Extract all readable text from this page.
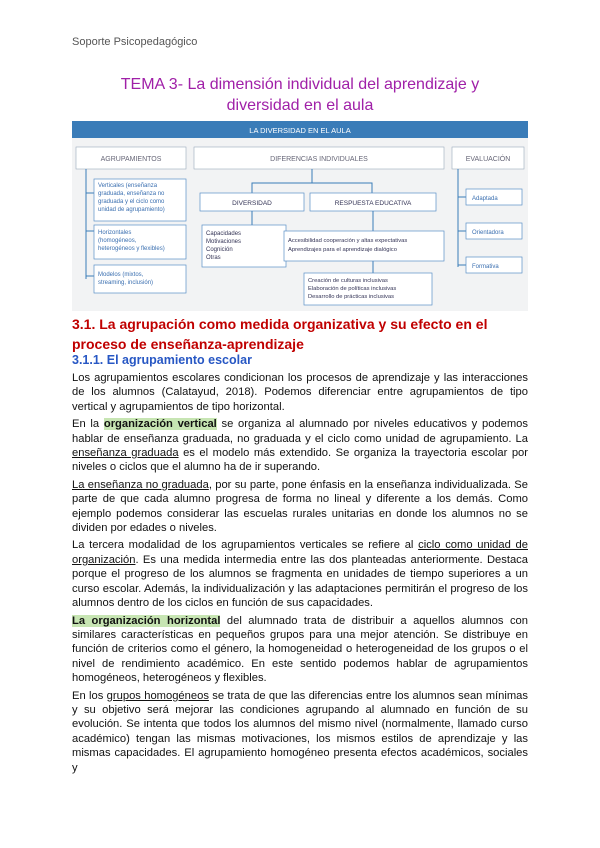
Soporte Psicopedagógico
TEMA 3- La dimensión individual del aprendizaje y
diversidad en el aula
LA DIVERSIDAD EN EL AULA
AGRUPAMIENTOS	DIFERENCIAS INDIVIDUALES	EVALUACIÓN
Verticales (enseñanza graduada, enseñanza no graduada y el ciclo como unidad de agrupamiento)
Horizontales (homogéneos, heterogéneos y flexibles)
Modelos (mixtos, streaming, inclusión)
DIVERSIDAD	RESPUESTA EDUCATIVA
Capacidades Motivaciones Cognición Otras
Accesibilidad cooperación y altas expectativas Aprendizajes para el aprendizaje dialógico
Creación de culturas inclusivas Elaboración de políticas inclusivas Desarrollo de prácticas inclusivas
Adaptada
Orientadora
Formativa
3.1. La agrupación como medida organizativa y su efecto en el
proceso de enseñanza-aprendizaje
3.1.1. El agrupamiento escolar

Los agrupamientos escolares condicionan los procesos de aprendizaje y las interacciones de los alumnos (Calatayud, 2018). Podemos diferenciar entre agrupamientos de tipo vertical y agrupamientos de tipo horizontal.

En la organización vertical se organiza al alumnado por niveles educativos y podemos hablar de enseñanza graduada, no graduada y el ciclo como unidad de agrupamiento. La enseñanza graduada es el modelo más extendido. Se organiza la trayectoria escolar por niveles o ciclos que el alumno ha de ir superando.

La enseñanza no graduada, por su parte, pone énfasis en la enseñanza individualizada. Se parte de que cada alumno progresa de forma no lineal y diferente a los demás. Como ejemplo podemos considerar las escuelas rurales unitarias en donde los alumnos no se dividen por edades o niveles.

La tercera modalidad de los agrupamientos verticales se refiere al ciclo como unidad de organización. Es una medida intermedia entre las dos planteadas anteriormente. Destaca porque el progreso de los alumnos se fragmenta en unidades de tiempo superiores a un curso escolar. Además, la individualización y las adaptaciones permitirán el progreso de los alumnos dentro de los ciclos en función de sus capacidades.

La organización horizontal del alumnado trata de distribuir a aquellos alumnos con similares características en pequeños grupos para una mejor atención. Se distribuye en función de criterios como el género, la homogeneidad o heterogeneidad de los grupos o el nivel de rendimiento académico. En este sentido podemos hablar de agrupamientos homogéneos, heterogéneos y flexibles.

En los grupos homogéneos se trata de que las diferencias entre los alumnos sean mínimas y su objetivo será mejorar las condiciones agrupando al alumnado en función de su evolución. Se intenta que todos los alumnos del mismo nivel (normalmente, llamado curso académico) tengan las mismas motivaciones, los mismos estilos de aprendizaje y las mismas capacidades. El agrupamiento homogéneo presenta efectos académicos, sociales y
